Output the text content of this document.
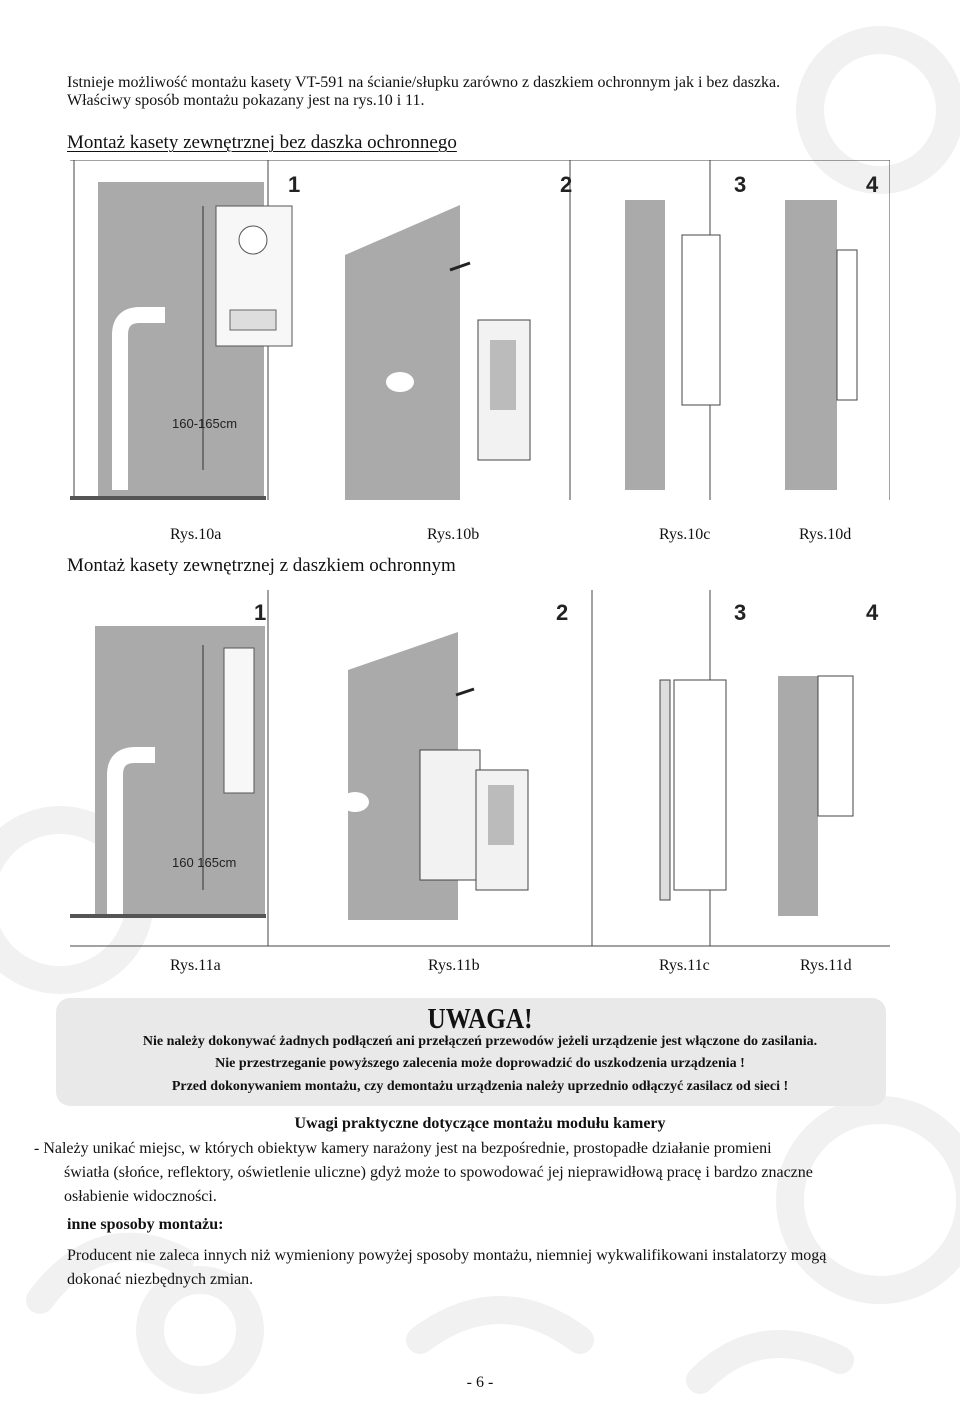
Istnieje możliwość montażu kasety VT-591 na ścianie/słupku zarówno z daszkiem ochronnym jak i bez daszka.
Właściwy sposób montażu pokazany jest na rys.10 i 11.
Montaż kasety zewnętrznej bez daszka ochronnego
160-165cm
1	2	3	4
Rys.10a	Rys.10b	Rys.10c	Rys.10d
Montaż kasety zewnętrznej z daszkiem ochronnym
160 165cm
1	2	3	4
Rys.11a	Rys.11b	Rys.11c	Rys.11d
UWAGA!
Nie należy dokonywać żadnych podłączeń ani przełączeń przewodów jeżeli urządzenie jest włączone do zasilania.
Nie przestrzeganie powyższego zalecenia może doprowadzić do uszkodzenia urządzenia !
Przed dokonywaniem montażu, czy demontażu urządzenia należy uprzednio odłączyć zasilacz od sieci !
Uwagi praktyczne dotyczące montażu modułu kamery
- Należy unikać miejsc, w których obiektyw kamery narażony jest na bezpośrednie, prostopadłe działanie promieni
światła (słońce, reflektory, oświetlenie uliczne) gdyż może to spowodować jej nieprawidłową pracę i bardzo znaczne
osłabienie widoczności.
inne sposoby montażu:
Producent nie zaleca innych niż wymieniony powyżej sposoby montażu, niemniej wykwalifikowani instalatorzy mogą
dokonać niezbędnych zmian.
- 6 -
